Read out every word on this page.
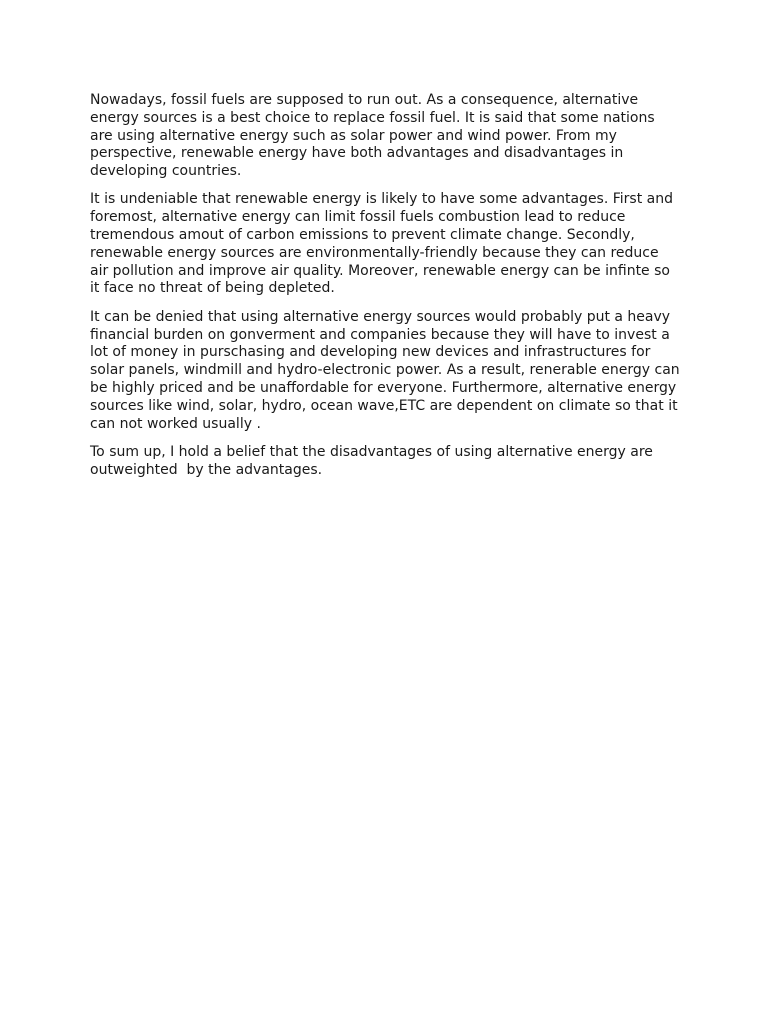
Nowadays, fossil fuels are supposed to run out. As a consequence, alternative energy sources is a best choice to replace fossil fuel. It is said that some nations are using alternative energy such as solar power and wind power. From my perspective, renewable energy have both advantages and disadvantages in developing countries.

It is undeniable that renewable energy is likely to have some advantages. First and foremost, alternative energy can limit fossil fuels combustion lead to reduce tremendous amout of carbon emissions to prevent climate change. Secondly, renewable energy sources are environmentally-friendly because they can reduce air pollution and improve air quality. Moreover, renewable energy can be infinte so it face no threat of being depleted.

It can be denied that using alternative energy sources would probably put a heavy financial burden on gonverment and companies because they will have to invest a lot of money in purschasing and developing new devices and infrastructures for solar panels, windmill and hydro-electronic power. As a result, renerable energy can be highly priced and be unaffordable for everyone. Furthermore, alternative energy sources like wind, solar, hydro, ocean wave,ETC are dependent on climate so that it can not worked usually .

To sum up, I hold a belief that the disadvantages of using alternative energy are outweighted  by the advantages.
